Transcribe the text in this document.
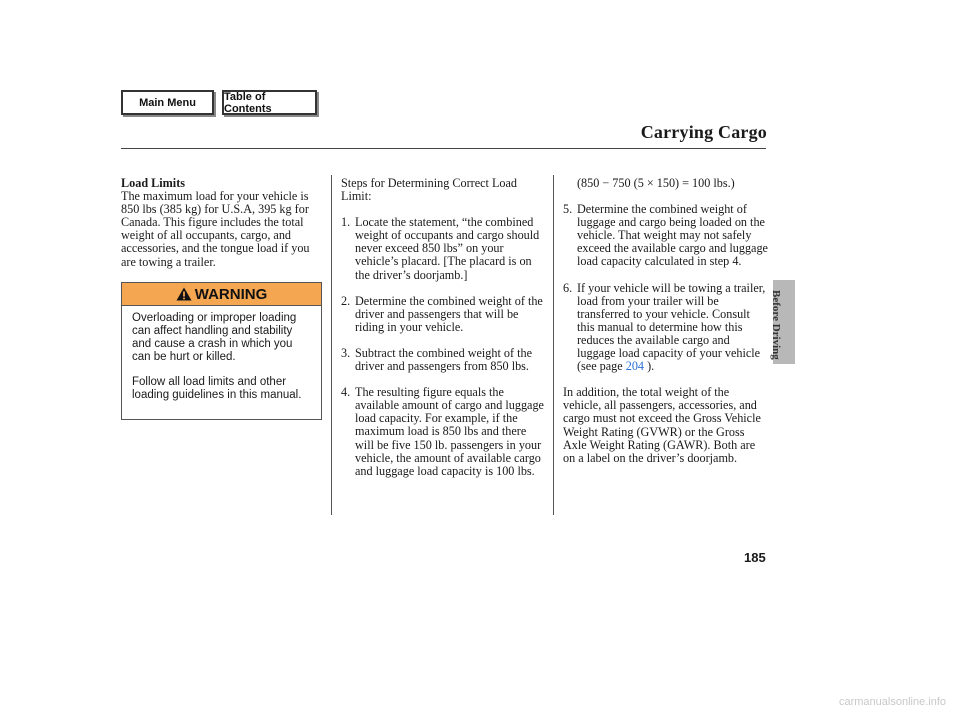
Main Menu	Table of Contents
Carrying Cargo
Before Driving

Load Limits

The maximum load for your vehicle is 850 lbs (385 kg) for U.S.A, 395 kg for Canada. This figure includes the total weight of all occupants, cargo, and accessories, and the tongue load if you are towing a trailer.

WARNING

Overloading or improper loading can affect handling and stability and cause a crash in which you can be hurt or killed.

Follow all load limits and other loading guidelines in this manual.

Steps for Determining Correct Load Limit:

1. Locate the statement, “the combined weight of occupants and cargo should never exceed 850 lbs” on your vehicle’s placard. [The placard is on the driver’s doorjamb.]
2. Determine the combined weight of the driver and passengers that will be riding in your vehicle.
3. Subtract the combined weight of the driver and passengers from 850 lbs.
4. The resulting figure equals the available amount of cargo and luggage load capacity. For example, if the maximum load is 850 lbs and there will be five 150 lb. passengers in your vehicle, the amount of available cargo and luggage load capacity is 100 lbs.

(850 − 750 (5 × 150) = 100 lbs.)

5. Determine the combined weight of luggage and cargo being loaded on the vehicle. That weight may not safely exceed the available cargo and luggage load capacity calculated in step 4.
6. If your vehicle will be towing a trailer, load from your trailer will be transferred to your vehicle. Consult this manual to determine how this reduces the available cargo and luggage load capacity of your vehicle (see page 204 ).

In addition, the total weight of the vehicle, all passengers, accessories, and cargo must not exceed the Gross Vehicle Weight Rating (GVWR) or the Gross Axle Weight Rating (GAWR). Both are on a label on the driver’s doorjamb.

185
carmanualsonline.info
